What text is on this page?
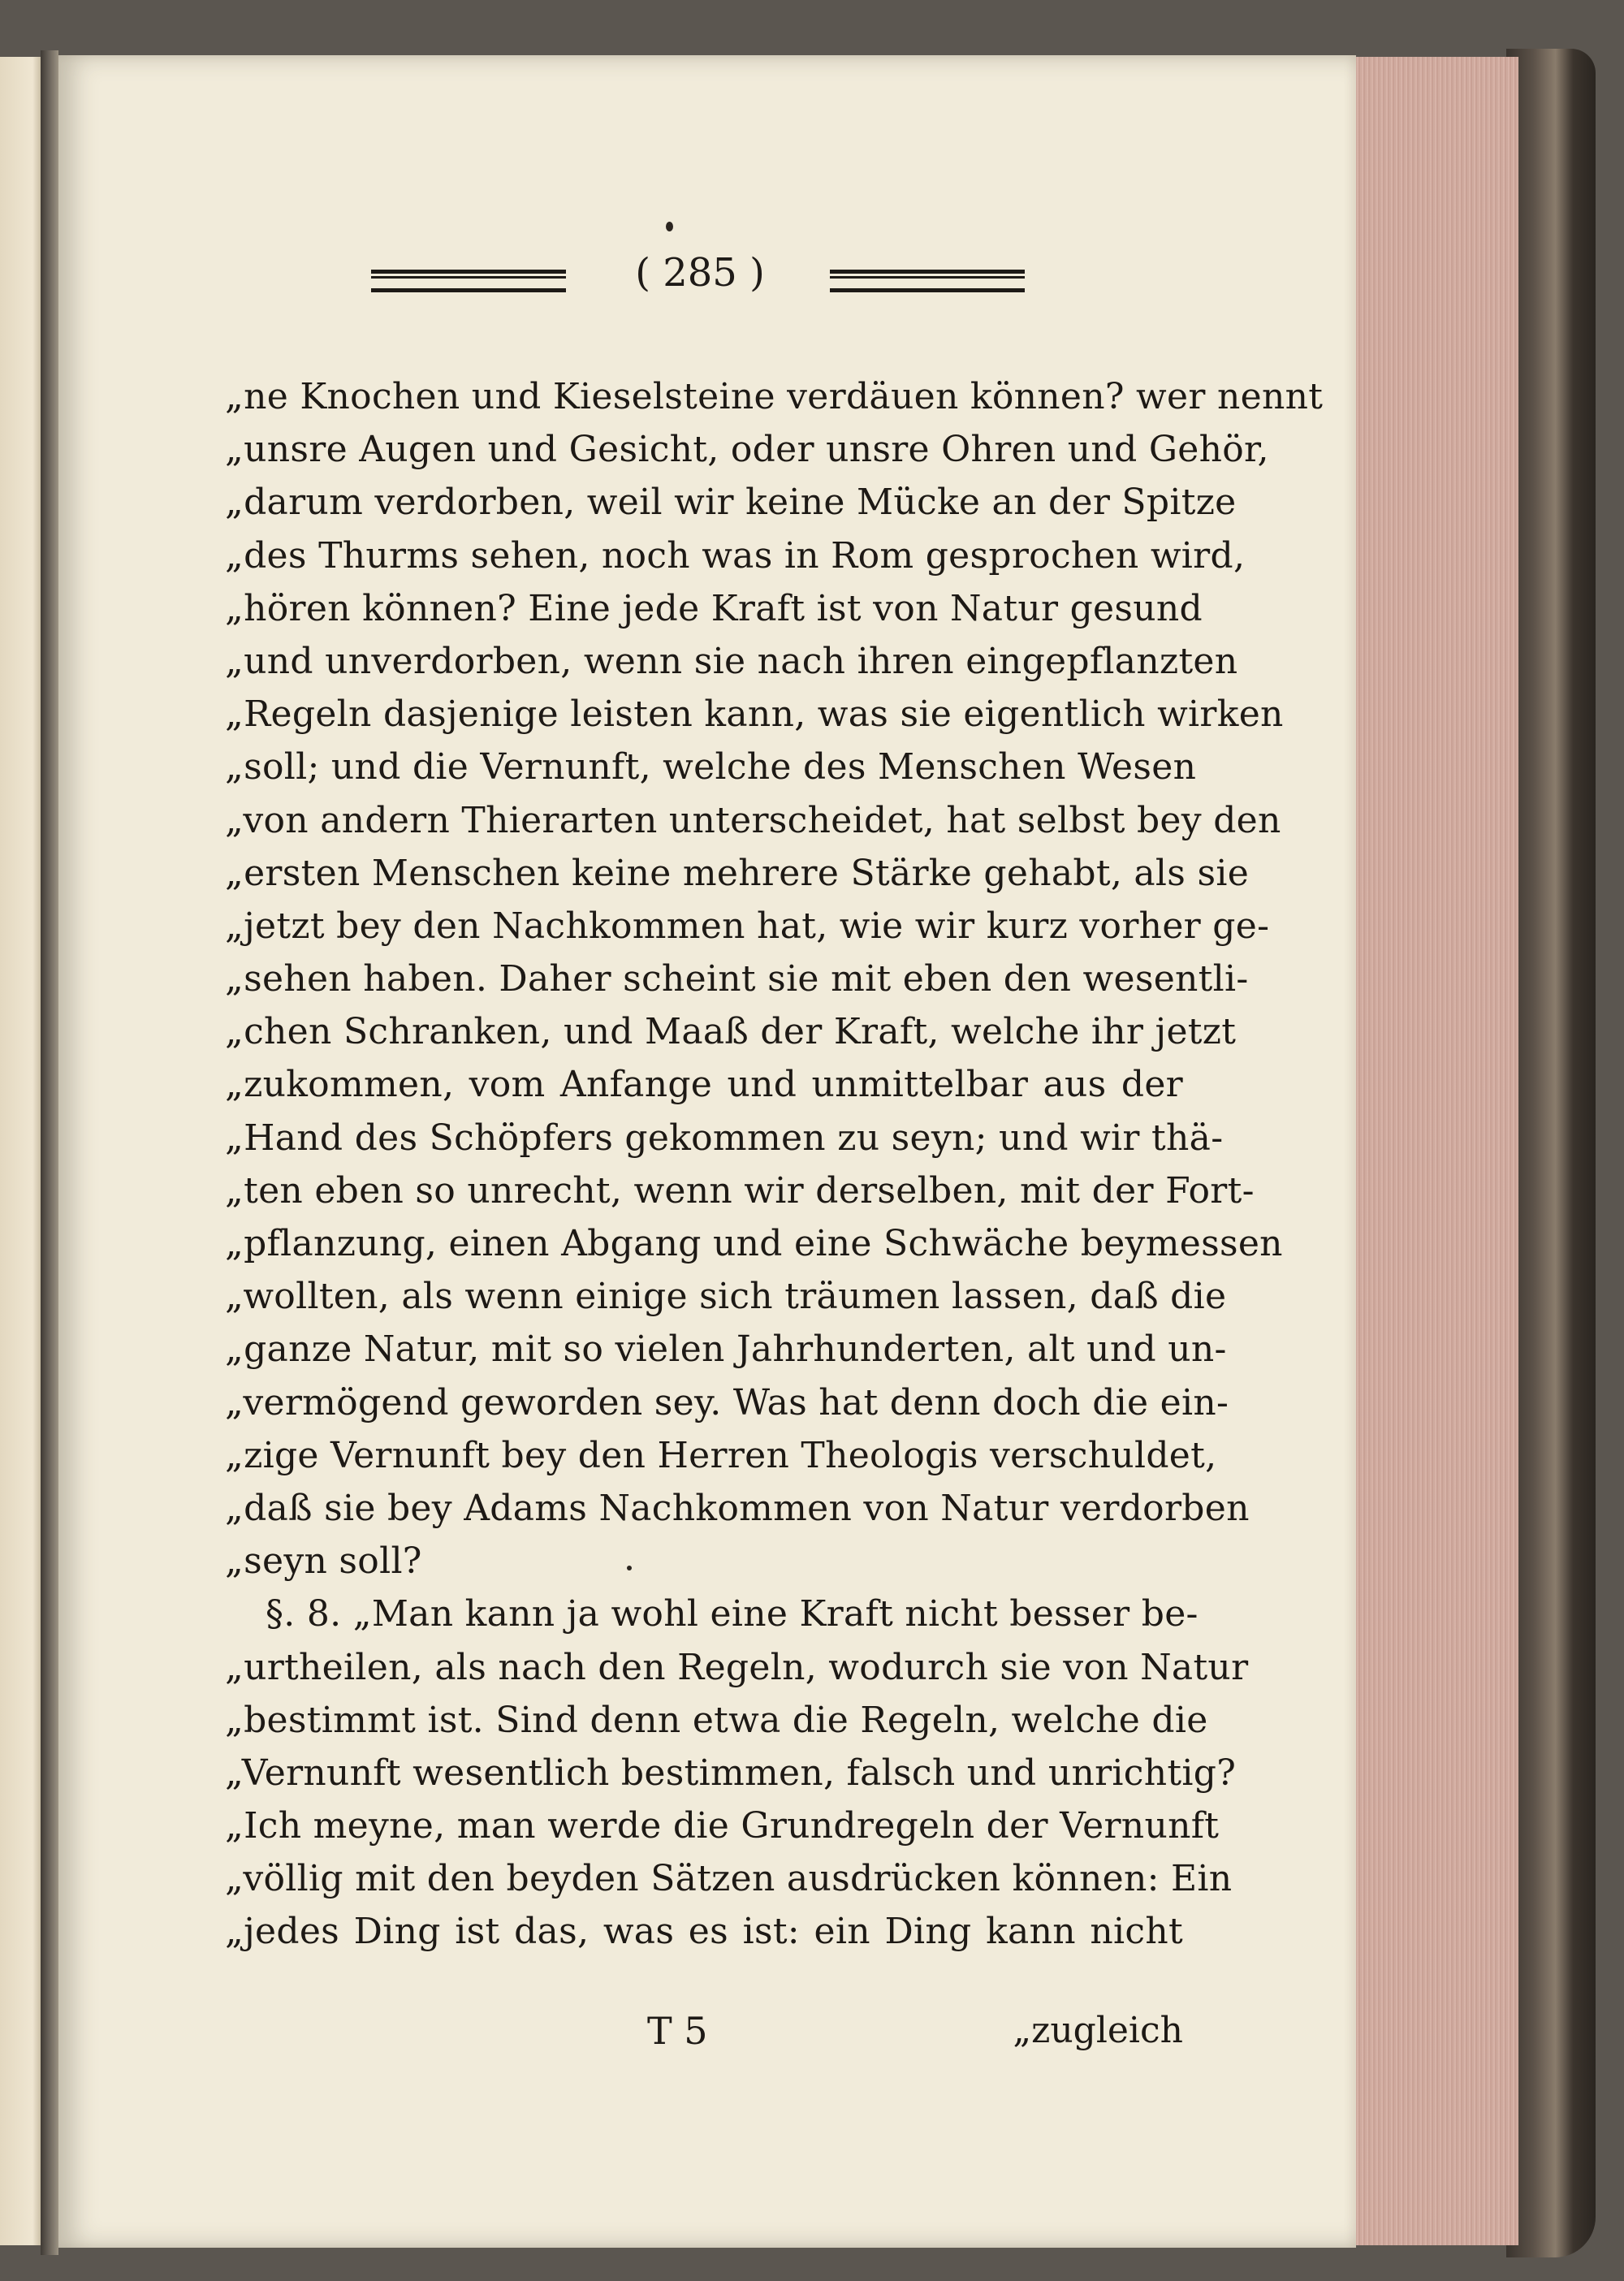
( 285 )
„ne Knochen und Kieselsteine verdäuen können? wer nennt
„unsre Augen und Gesicht, oder unsre Ohren und Gehör,
„darum verdorben, weil wir keine Mücke an der Spitze
„des Thurms sehen, noch was in Rom gesprochen wird,
„hören können? Eine jede Kraft ist von Natur gesund
„und unverdorben, wenn sie nach ihren eingepflanzten
„Regeln dasjenige leisten kann, was sie eigentlich wirken
„soll; und die Vernunft, welche des Menschen Wesen
„von andern Thierarten unterscheidet, hat selbst bey den
„ersten Menschen keine mehrere Stärke gehabt, als sie
„jetzt bey den Nachkommen hat, wie wir kurz vorher ge-
„sehen haben. Daher scheint sie mit eben den wesentli-
„chen Schranken, und Maaß der Kraft, welche ihr jetzt
„zukommen, vom Anfange und unmittelbar aus der
„Hand des Schöpfers gekommen zu seyn; und wir thä-
„ten eben so unrecht, wenn wir derselben, mit der Fort-
„pflanzung, einen Abgang und eine Schwäche beymessen
„wollten, als wenn einige sich träumen lassen, daß die
„ganze Natur, mit so vielen Jahrhunderten, alt und un-
„vermögend geworden sey. Was hat denn doch die ein-
„zige Vernunft bey den Herren Theologis verschuldet,
„daß sie bey Adams Nachkommen von Natur verdorben
„seyn soll?
§. 8. „Man kann ja wohl eine Kraft nicht besser be-
„urtheilen, als nach den Regeln, wodurch sie von Natur
„bestimmt ist. Sind denn etwa die Regeln, welche die
„Vernunft wesentlich bestimmen, falsch und unrichtig?
„Ich meyne, man werde die Grundregeln der Vernunft
„völlig mit den beyden Sätzen ausdrücken können: Ein
„jedes Ding ist das, was es ist: ein Ding kann nicht
T 5	„zugleich
